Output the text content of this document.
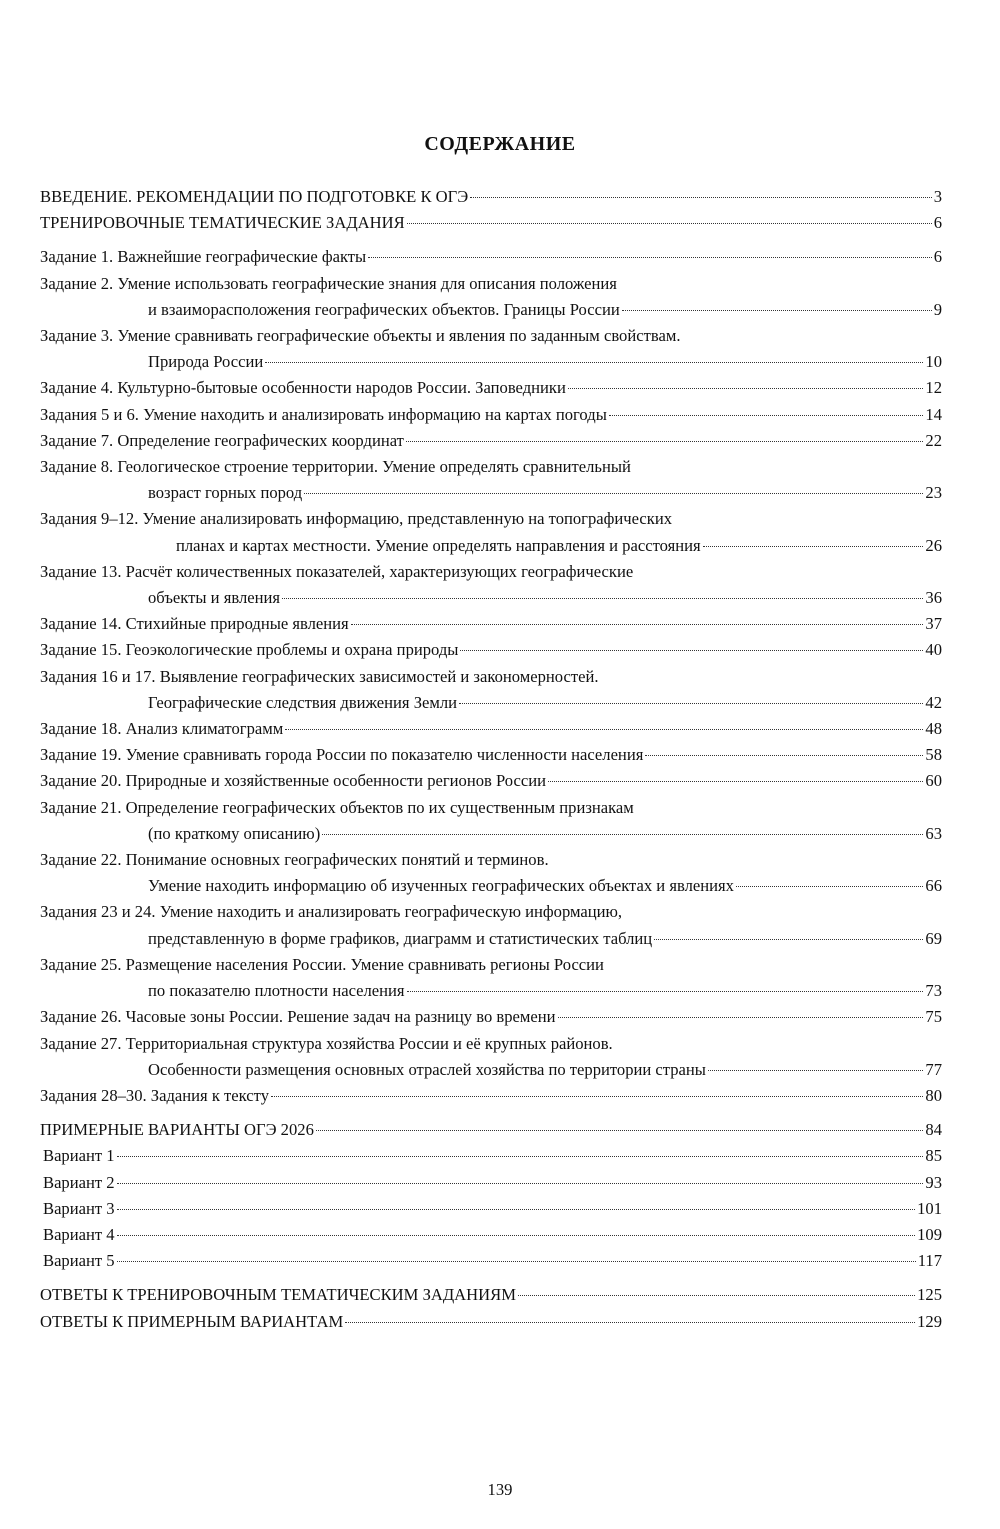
СОДЕРЖАНИЕ
ВВЕДЕНИЕ. РЕКОМЕНДАЦИИ ПО ПОДГОТОВКЕ К ОГЭ	3
ТРЕНИРОВОЧНЫЕ ТЕМАТИЧЕСКИЕ ЗАДАНИЯ	6
Задание 1. Важнейшие географические факты	6
Задание 2. Умение использовать географические знания для описания положения
и взаиморасположения географических объектов. Границы России	9
Задание 3. Умение сравнивать географические объекты и явления по заданным свойствам.
Природа России	10
Задание 4. Культурно-бытовые особенности народов России. Заповедники	12
Задания 5 и 6. Умение находить и анализировать информацию на картах погоды	14
Задание 7. Определение географических координат	22
Задание 8. Геологическое строение территории. Умение определять сравнительный
возраст горных пород	23
Задания 9–12. Умение анализировать информацию, представленную на топографических
планах и картах местности. Умение определять направления и расстояния	26
Задание 13. Расчёт количественных показателей, характеризующих географические
объекты и явления	36
Задание 14. Стихийные природные явления	37
Задание 15. Геоэкологические проблемы и охрана природы	40
Задания 16 и 17. Выявление географических зависимостей и закономерностей.
Географические следствия движения Земли	42
Задание 18. Анализ климатограмм	48
Задание 19. Умение сравнивать города России по показателю численности населения	58
Задание 20. Природные и хозяйственные особенности регионов России	60
Задание 21. Определение географических объектов по их существенным признакам
(по краткому описанию)	63
Задание 22. Понимание основных географических понятий и терминов.
Умение находить информацию об изученных географических объектах и явлениях	66
Задания 23 и 24. Умение находить и анализировать географическую информацию,
представленную в форме графиков, диаграмм и статистических таблиц	69
Задание 25. Размещение населения России. Умение сравнивать регионы России
по показателю плотности населения	73
Задание 26. Часовые зоны России. Решение задач на разницу во времени	75
Задание 27. Территориальная структура хозяйства России и её крупных районов.
Особенности размещения основных отраслей хозяйства по территории страны	77
Задания 28–30. Задания к тексту	80
ПРИМЕРНЫЕ ВАРИАНТЫ ОГЭ 2026	84
Вариант 1	85
Вариант 2	93
Вариант 3	101
Вариант 4	109
Вариант 5	117
ОТВЕТЫ К ТРЕНИРОВОЧНЫМ ТЕМАТИЧЕСКИМ ЗАДАНИЯМ	125
ОТВЕТЫ К ПРИМЕРНЫМ ВАРИАНТАМ	129
139
